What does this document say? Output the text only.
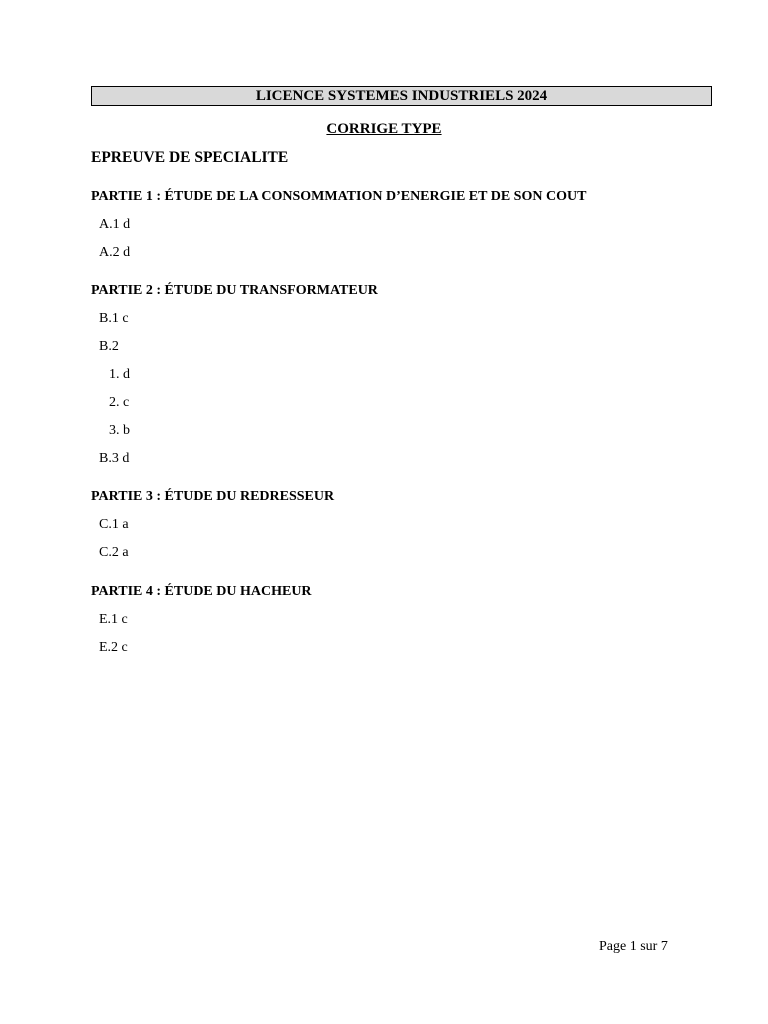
LICENCE SYSTEMES INDUSTRIELS 2024
CORRIGE TYPE
EPREUVE DE SPECIALITE
PARTIE 1 : ÉTUDE DE LA CONSOMMATION D’ENERGIE ET DE SON COUT
A.1 d
A.2 d
PARTIE 2 : ÉTUDE DU TRANSFORMATEUR
B.1 c
B.2
1. d
2. c
3. b
B.3 d
PARTIE 3 : ÉTUDE DU REDRESSEUR
C.1 a
C.2 a
PARTIE 4 : ÉTUDE DU HACHEUR
E.1 c
E.2 c
Page 1 sur 7
